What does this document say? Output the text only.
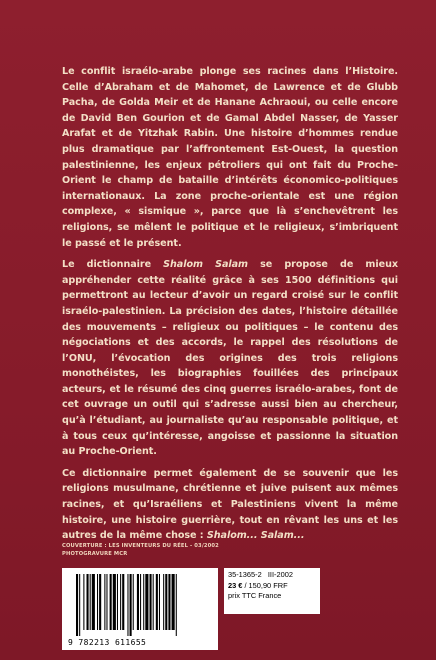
Le conflit israélo-arabe plonge ses racines dans l’Histoire. Celle d’Abraham et de Mahomet, de Lawrence et de Glubb Pacha, de Golda Meir et de Hanane Achraoui, ou celle encore de David Ben Gourion et de Gamal Abdel Nasser, de Yasser Arafat et de Yitzhak Rabin. Une histoire d’hommes rendue plus dramatique par l’affrontement Est-Ouest, la question palestinienne, les enjeux pétroliers qui ont fait du Proche-Orient le champ de bataille d’intérêts économico-politiques internationaux. La zone proche-orientale est une région complexe, « sismique », parce que là s’enchevêtrent les religions, se mêlent le politique et le religieux, s’imbriquent le passé et le présent.

Le dictionnaire Shalom Salam se propose de mieux appréhender cette réalité grâce à ses 1500 définitions qui permettront au lecteur d’avoir un regard croisé sur le conflit israélo-palestinien. La précision des dates, l’histoire détaillée des mouvements – religieux ou politiques – le contenu des négociations et des accords, le rappel des résolutions de l’ONU, l’évocation des origines des trois religions monothéistes, les biographies fouillées des principaux acteurs, et le résumé des cinq guerres israélo-arabes, font de cet ouvrage un outil qui s’adresse aussi bien au chercheur, qu’à l’étudiant, au journaliste qu’au responsable politique, et à tous ceux qu’intéresse, angoisse et passionne la situation au Proche-Orient.

Ce dictionnaire permet également de se souvenir que les religions musulmane, chrétienne et juive puisent aux mêmes racines, et qu’Israéliens et Palestiniens vivent la même histoire, une histoire guerrière, tout en rêvant les uns et les autres de la même chose : Shalom... Salam...

COUVERTURE : LES INVENTEURS DU RÉEL - 03/2002
PHOTOGRAVURE MCR
9 782213 611655
35-1365-2 III-2002
23 € / 150,90 FRF
prix TTC France
